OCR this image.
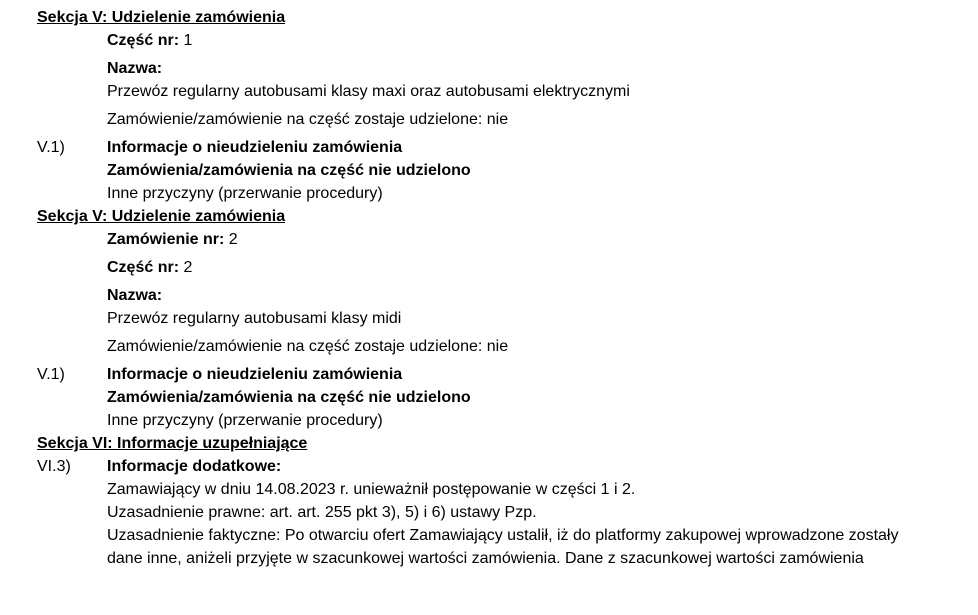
Sekcja V: Udzielenie zamówienia
Część nr: 1
Nazwa:
Przewóz regularny autobusami klasy maxi oraz autobusami elektrycznymi
Zamówienie/zamówienie na część zostaje udzielone: nie
V.1)	Informacje o nieudzieleniu zamówienia
Zamówienia/zamówienia na część nie udzielono
Inne przyczyny (przerwanie procedury)
Sekcja V: Udzielenie zamówienia
Zamówienie nr: 2
Część nr: 2
Nazwa:
Przewóz regularny autobusami klasy midi
Zamówienie/zamówienie na część zostaje udzielone: nie
V.1)	Informacje o nieudzieleniu zamówienia
Zamówienia/zamówienia na część nie udzielono
Inne przyczyny (przerwanie procedury)
Sekcja VI: Informacje uzupełniające
VI.3)	Informacje dodatkowe:
Zamawiający w dniu 14.08.2023 r. unieważnił postępowanie w części 1 i 2.
Uzasadnienie prawne: art. art. 255 pkt 3), 5) i 6) ustawy Pzp.
Uzasadnienie faktyczne: Po otwarciu ofert Zamawiający ustalił, iż do platformy zakupowej wprowadzone zostały
dane inne, aniżeli przyjęte w szacunkowej wartości zamówienia. Dane z szacunkowej wartości zamówienia
